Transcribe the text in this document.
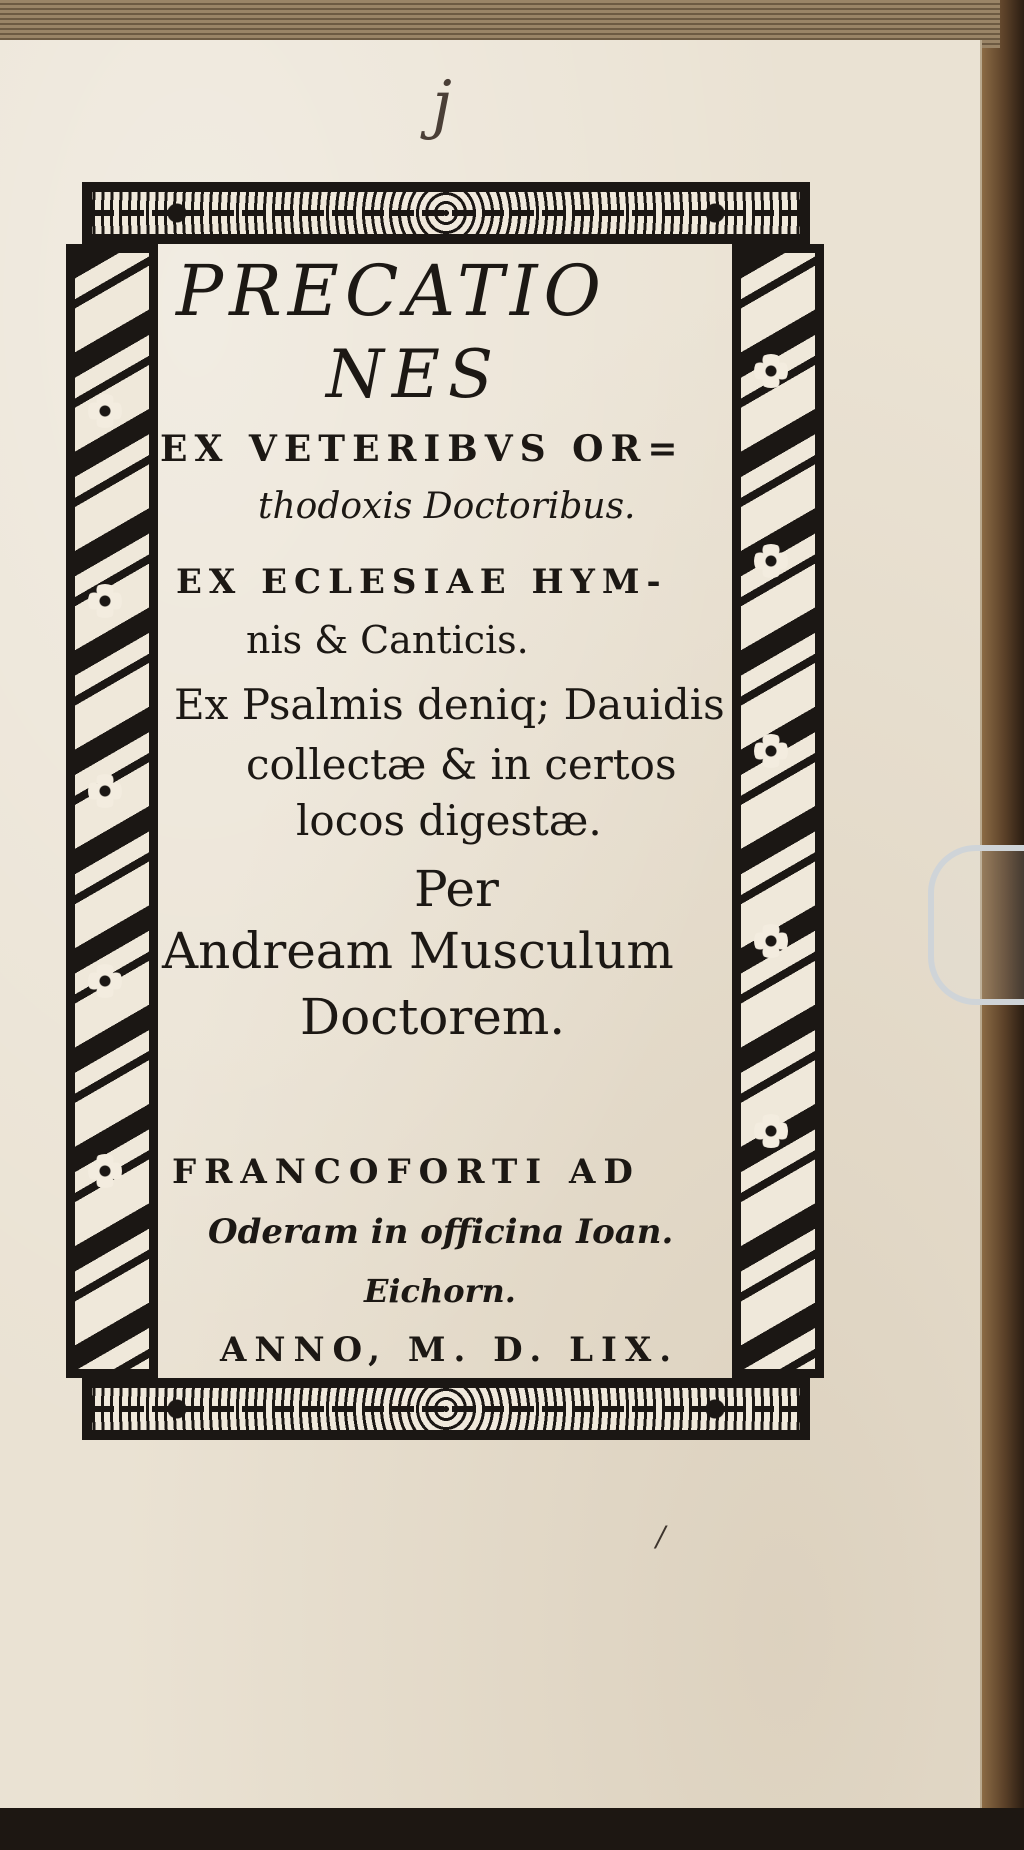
j
/
PRECATIO
NES
EX VETERIBVS OR=
thodoxis Doctoribus.
EX ECLESIAE HYM-
nis & Canticis.
Ex Psalmis deniq; Dauidis
collectæ & in certos
locos digestæ.
Per
Andream Musculum
Doctorem.
FRANCOFORTI AD
Oderam in officina Ioan.
Eichorn.
ANNO, M. D. LIX.
